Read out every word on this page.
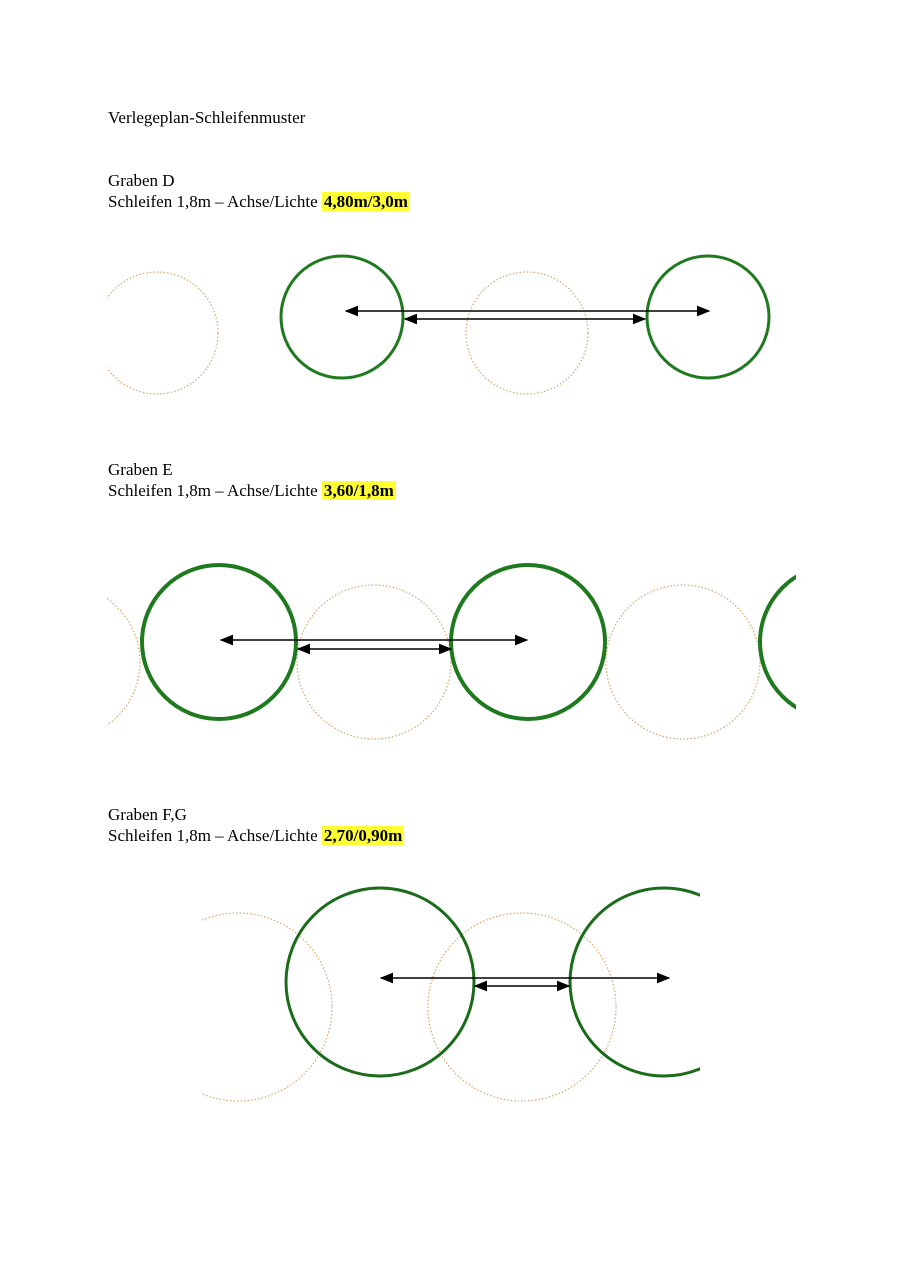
Verlegeplan-Schleifenmuster
Graben D
Schleifen 1,8m – Achse/Lichte 4,80m/3,0m
Graben E
Schleifen 1,8m – Achse/Lichte 3,60/1,8m
Graben F,G
Schleifen 1,8m – Achse/Lichte 2,70/0,90m
